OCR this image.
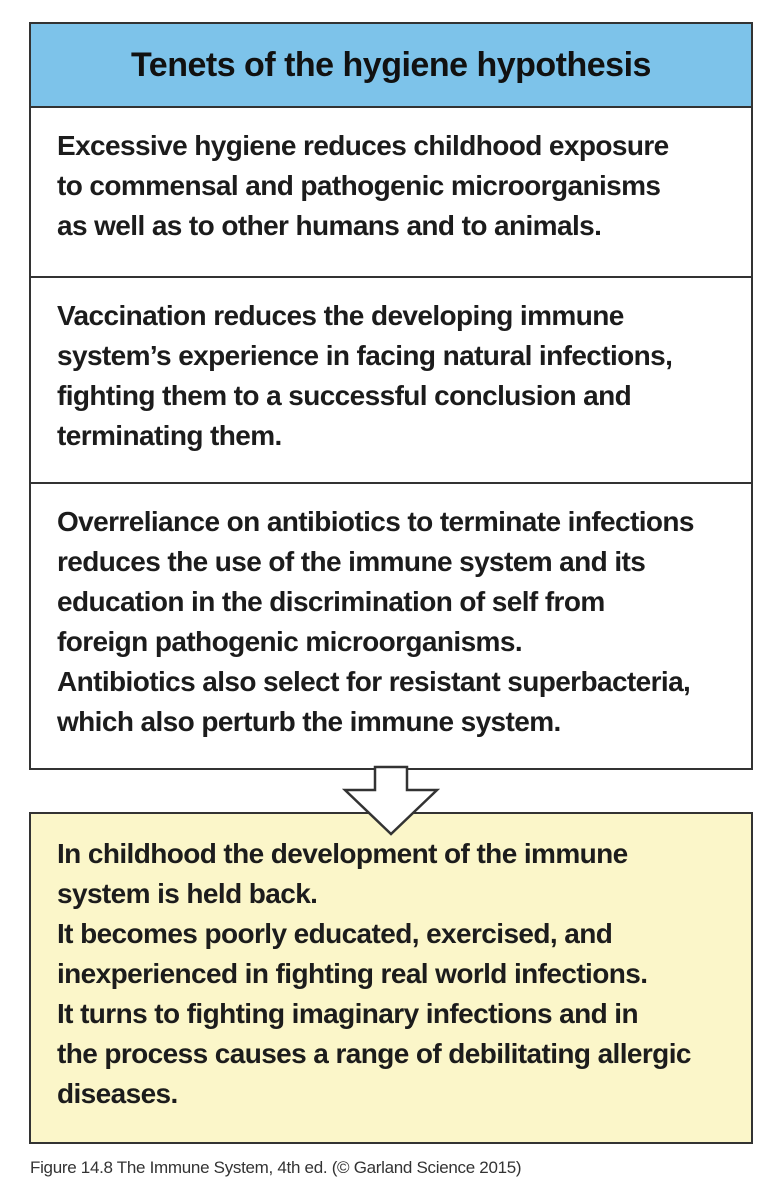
Tenets of the hygiene hypothesis

Excessive hygiene reduces childhood exposure
to commensal and pathogenic microorganisms
as well as to other humans and to animals.

Vaccination reduces the developing immune
system’s experience in facing natural infections,
fighting them to a successful conclusion and
terminating them.

Overreliance on antibiotics to terminate infections
reduces the use of the immune system and its
education in the discrimination of self from
foreign pathogenic microorganisms.
Antibiotics also select for resistant superbacteria,
which also perturb the immune system.

In childhood the development of the immune
system is held back.
It becomes poorly educated, exercised, and
inexperienced in fighting real world infections.
It turns to fighting imaginary infections and in
the process causes a range of debilitating allergic
diseases.

Figure 14.8 The Immune System, 4th ed. (© Garland Science 2015)
